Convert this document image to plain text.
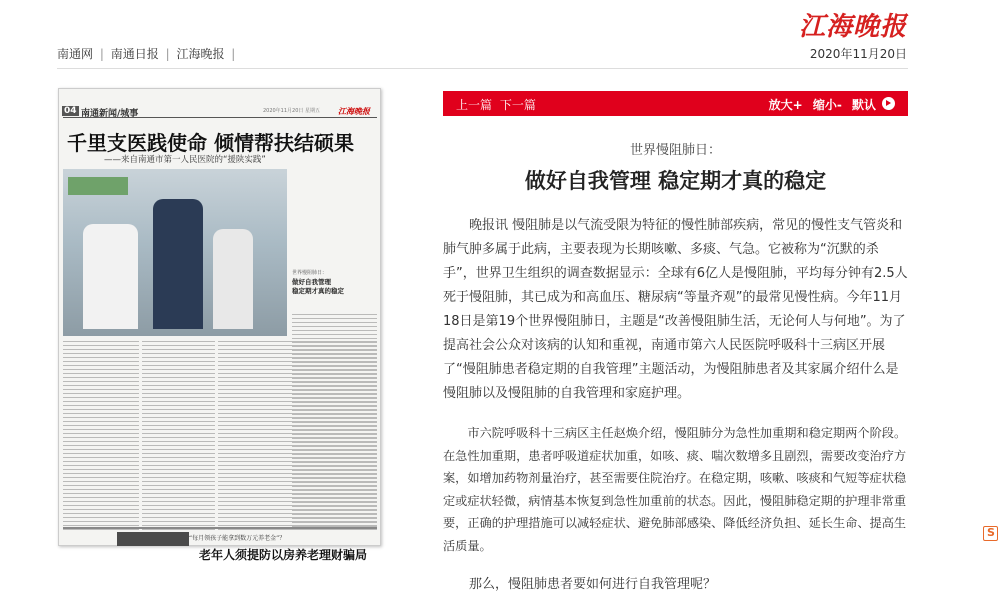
江海晚报
南通网 | 南通日报 | 江海晚报 |	2020年11月20日
04 南通新闻/城事	2020年11月20日 星期五 江海晚报
千里支医践使命 倾情帮扶结硕果
——来自南通市第一人民医院的“援陕实践”
世界慢阻肺日：
做好自我管理
稳定期才真的稳定
“每月领孩子能拿到数万元养老金”？
老年人须提防以房养老理财骗局
上一篇 下一篇	放大+ 缩小- 默认
世界慢阻肺日：
做好自我管理 稳定期才真的稳定

晚报讯 慢阻肺是以气流受限为特征的慢性肺部疾病，常见的慢性支气管炎和肺气肿多属于此病，主要表现为长期咳嗽、多痰、气急。它被称为“沉默的杀手”，世界卫生组织的调查数据显示：全球有6亿人是慢阻肺，平均每分钟有2.5人死于慢阻肺，其已成为和高血压、糖尿病“等量齐观”的最常见慢性病。今年11月18日是第19个世界慢阻肺日，主题是“改善慢阻肺生活，无论何人与何地”。为了提高社会公众对该病的认知和重视，南通市第六人民医院呼吸科十三病区开展了“慢阻肺患者稳定期的自我管理”主题活动，为慢阻肺患者及其家属介绍什么是慢阻肺以及慢阻肺的自我管理和家庭护理。

市六院呼吸科十三病区主任赵焕介绍，慢阻肺分为急性加重期和稳定期两个阶段。在急性加重期，患者呼吸道症状加重，如咳、痰、喘次数增多且剧烈，需要改变治疗方案，如增加药物剂量治疗，甚至需要住院治疗。在稳定期，咳嗽、咳痰和气短等症状稳定或症状轻微，病情基本恢复到急性加重前的状态。因此，慢阻肺稳定期的护理非常重要，正确的护理措施可以减轻症状、避免肺部感染、降低经济负担、延长生命、提高生活质量。

那么，慢阻肺患者要如何进行自我管理呢？

S
